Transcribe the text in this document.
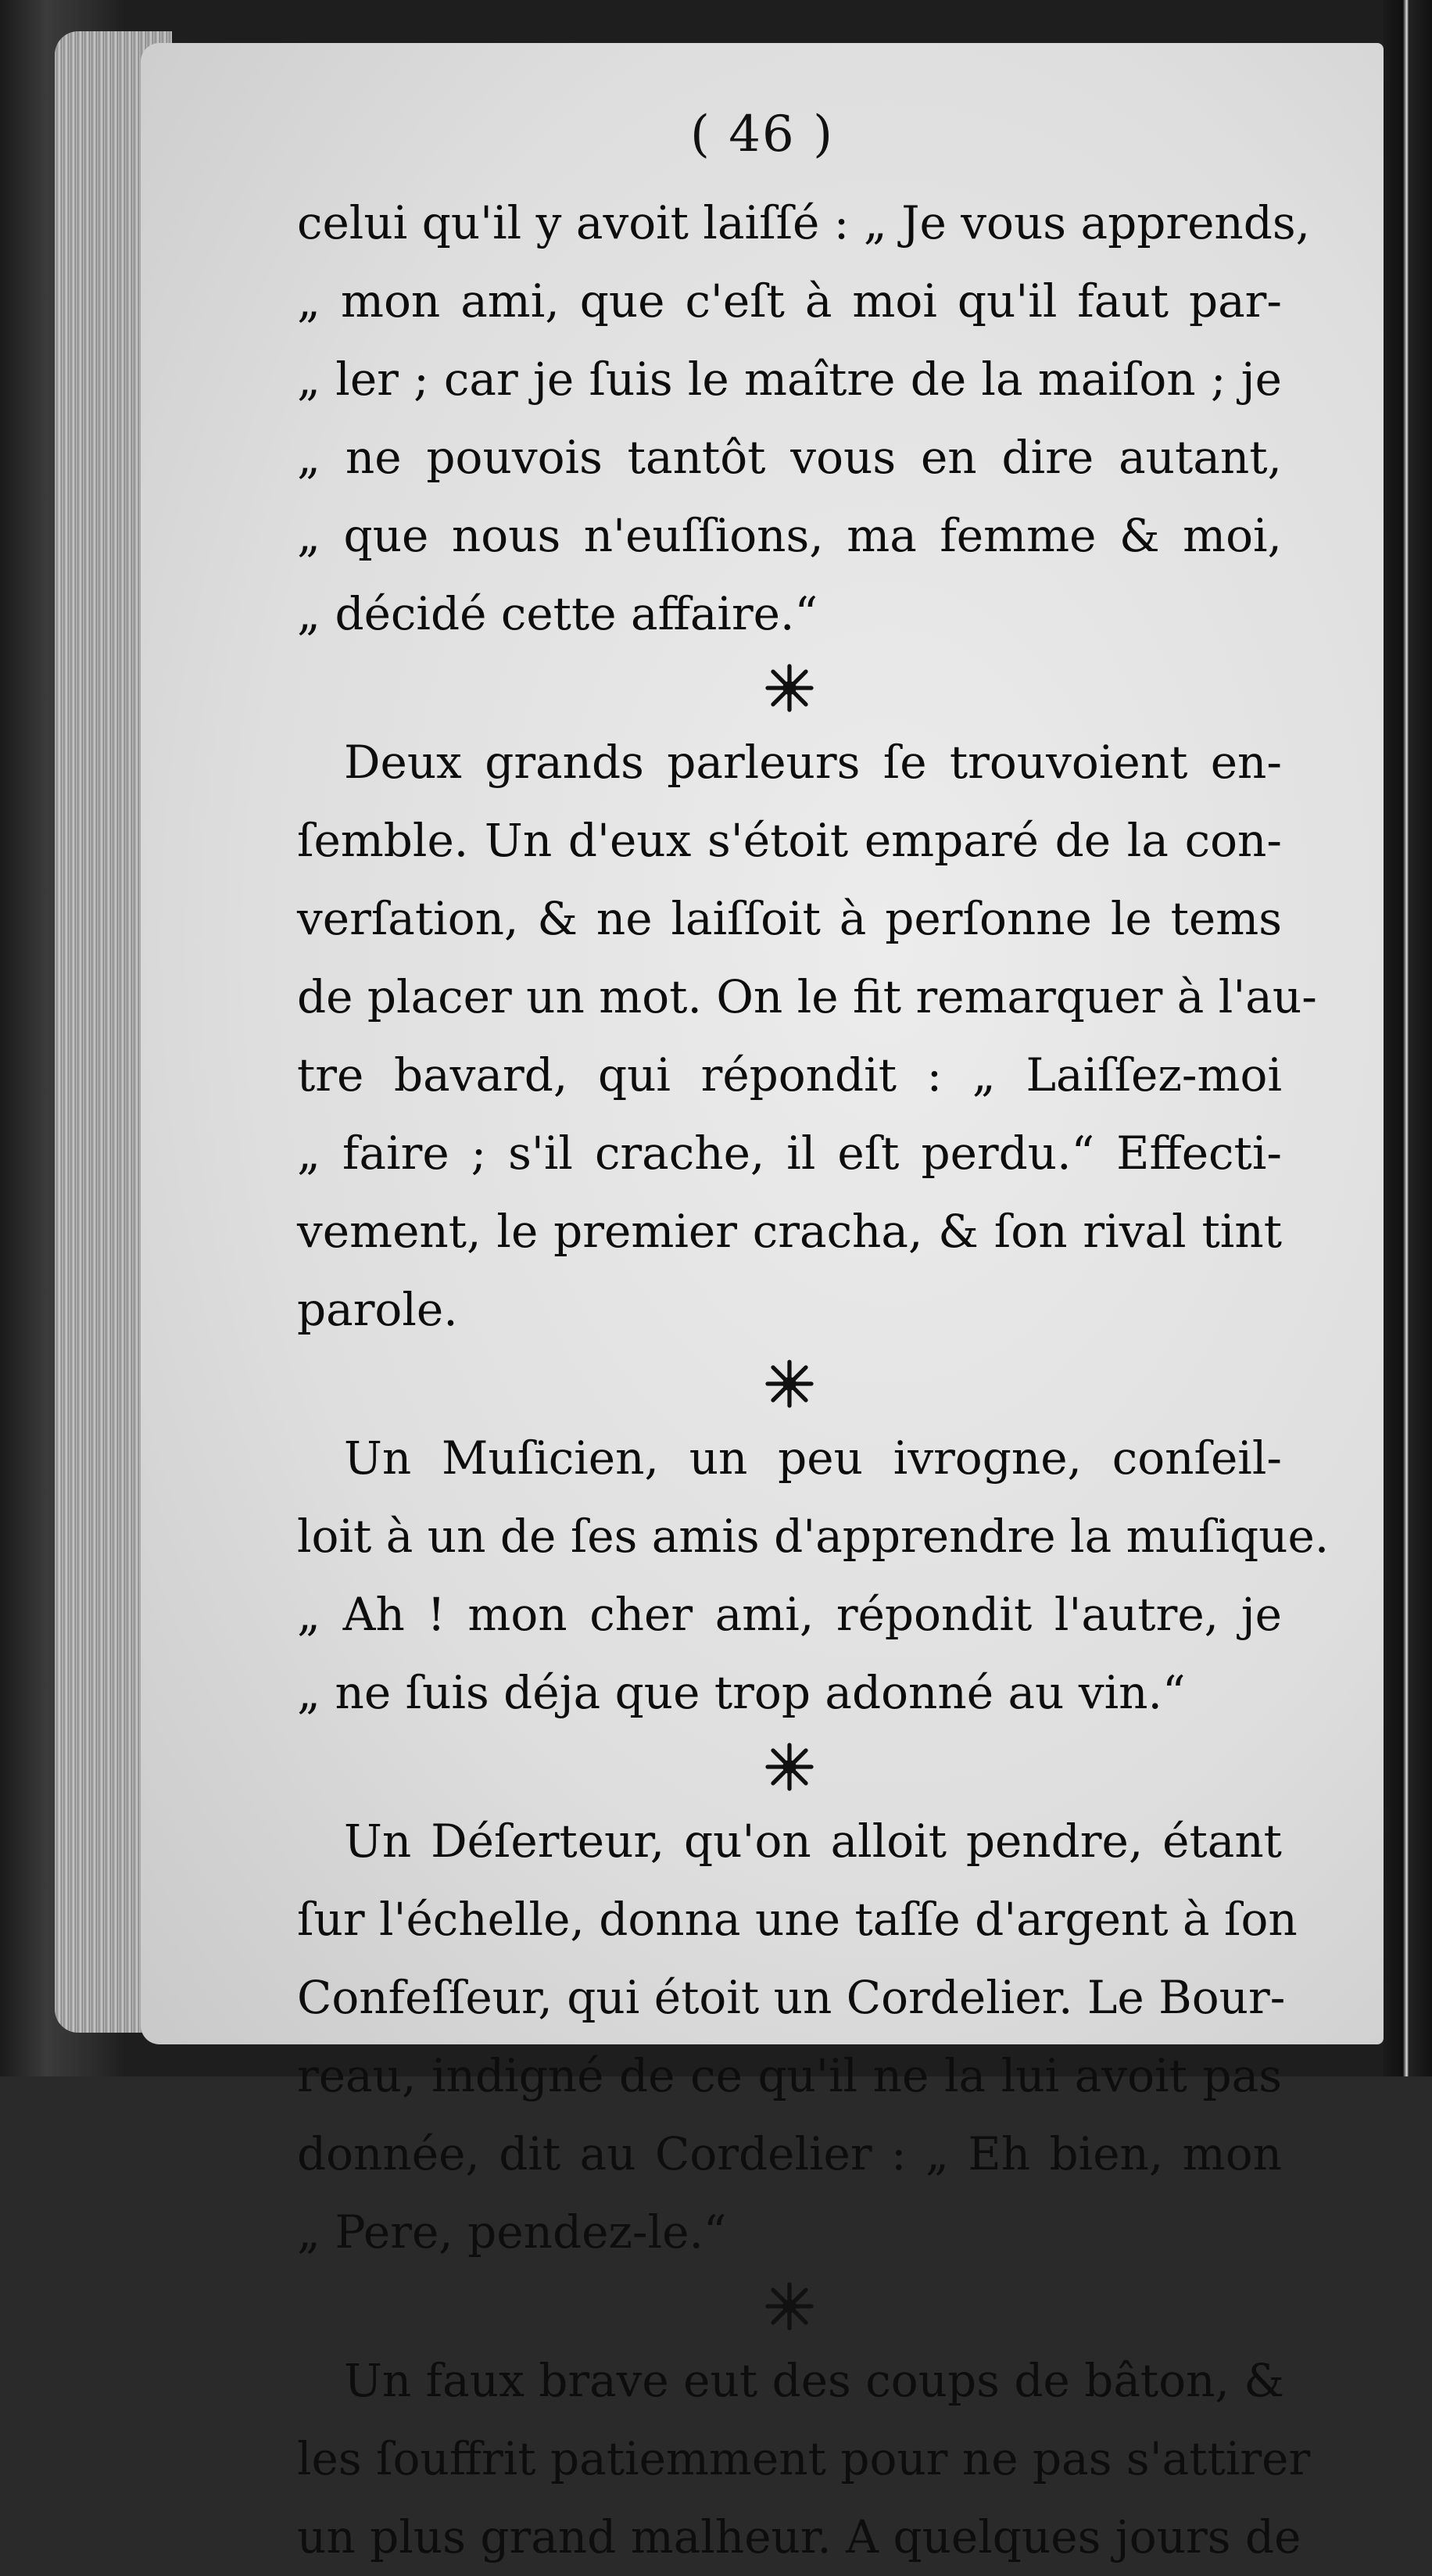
( 46 )
celui qu'il y avoit laiſſé : „ Je vous apprends,
„ mon ami, que c'eſt à moi qu'il faut par-
„ ler ; car je ſuis le maître de la maiſon ; je
„ ne pouvois tantôt vous en dire autant,
„ que nous n'euſſions, ma femme & moi,
„ décidé cette affaire.“
Deux grands parleurs ſe trouvoient en-
ſemble. Un d'eux s'étoit emparé de la con-
verſation, & ne laiſſoit à perſonne le tems
de placer un mot. On le fit remarquer à l'au-
tre bavard, qui répondit : „ Laiſſez-moi
„ faire ; s'il crache, il eſt perdu.“ Effecti-
vement, le premier cracha, & ſon rival tint
parole.
Un Muſicien, un peu ivrogne, conſeil-
loit à un de ſes amis d'apprendre la muſique.
„ Ah ! mon cher ami, répondit l'autre, je
„ ne ſuis déja que trop adonné au vin.“
Un Déſerteur, qu'on alloit pendre, étant
ſur l'échelle, donna une taſſe d'argent à ſon
Confeſſeur, qui étoit un Cordelier. Le Bour-
reau, indigné de ce qu'il ne la lui avoit pas
donnée, dit au Cordelier : „ Eh bien, mon
„ Pere, pendez-le.“
Un faux brave eut des coups de bâton, &
les ſouffrit patiemment pour ne pas s'attirer
un plus grand malheur. A quelques jours de
